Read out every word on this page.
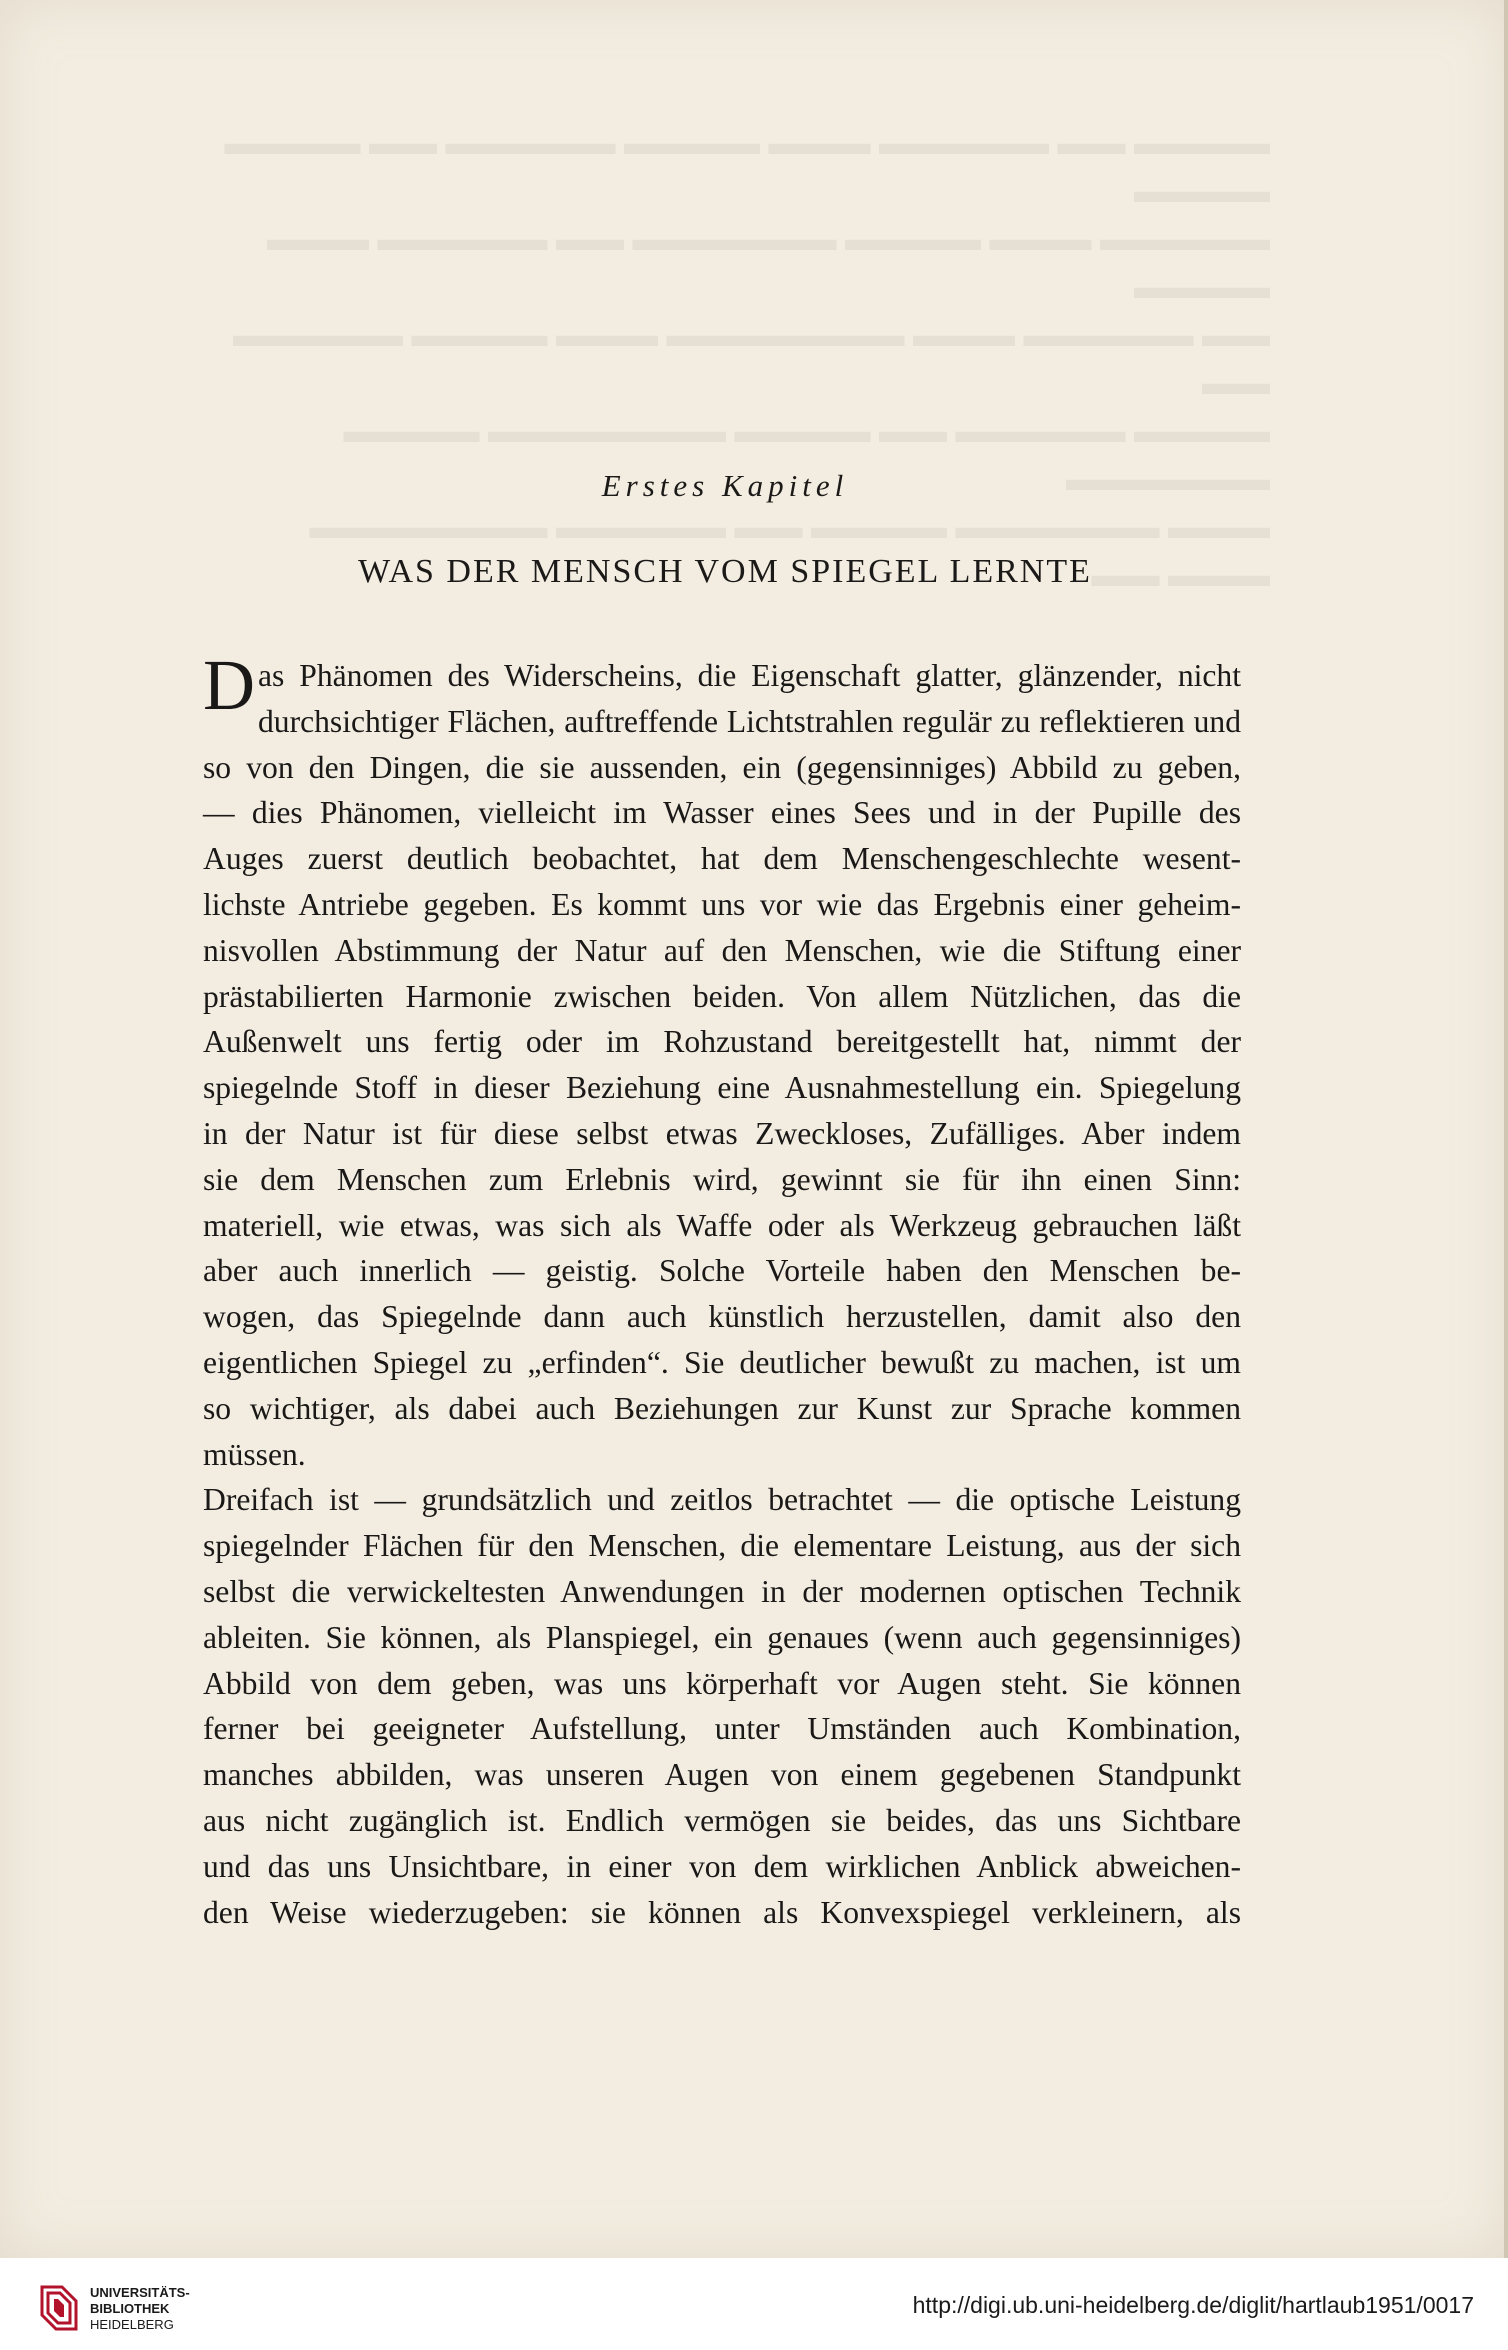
▬▬▬▬ ▬▬ ▬▬▬▬▬ ▬▬▬ ▬▬▬▬ ▬▬▬▬▬ ▬▬ ▬▬▬▬ ▬▬▬▬
▬▬▬▬▬ ▬▬▬ ▬▬▬▬ ▬▬▬▬▬▬ ▬▬ ▬▬▬▬▬ ▬▬▬ ▬▬▬▬
▬▬ ▬▬▬▬▬ ▬▬▬ ▬▬▬▬▬▬▬ ▬▬▬ ▬▬▬▬ ▬▬▬▬▬ ▬▬
▬▬▬▬ ▬▬▬▬▬ ▬▬ ▬▬▬▬ ▬▬▬▬▬▬▬ ▬▬▬▬ ▬▬▬▬▬▬
▬▬▬ ▬▬▬▬▬▬ ▬▬▬▬ ▬▬ ▬▬▬▬▬ ▬▬▬▬▬▬▬ ▬▬▬ ▬▬
Erstes Kapitel
WAS DER MENSCH VOM SPIEGEL LERNTE
Das Phänomen des Widerscheins, die Eigenschaft glatter, glänzender, nicht
durchsichtiger Flächen, auftreffende Lichtstrahlen regulär zu reflektieren und
so von den Dingen, die sie aussenden, ein (gegensinniges) Abbild zu geben,
— dies Phänomen, vielleicht im Wasser eines Sees und in der Pupille des
Auges zuerst deutlich beobachtet, hat dem Menschengeschlechte wesent-
lichste Antriebe gegeben. Es kommt uns vor wie das Ergebnis einer geheim-
nisvollen Abstimmung der Natur auf den Menschen, wie die Stiftung einer
prästabilierten Harmonie zwischen beiden. Von allem Nützlichen, das die
Außenwelt uns fertig oder im Rohzustand bereitgestellt hat, nimmt der
spiegelnde Stoff in dieser Beziehung eine Ausnahmestellung ein. Spiegelung
in der Natur ist für diese selbst etwas Zweckloses, Zufälliges. Aber indem
sie dem Menschen zum Erlebnis wird, gewinnt sie für ihn einen Sinn:
materiell, wie etwas, was sich als Waffe oder als Werkzeug gebrauchen läßt
aber auch innerlich — geistig. Solche Vorteile haben den Menschen be-
wogen, das Spiegelnde dann auch künstlich herzustellen, damit also den
eigentlichen Spiegel zu „erfinden“. Sie deutlicher bewußt zu machen, ist um
so wichtiger, als dabei auch Beziehungen zur Kunst zur Sprache kommen
müssen.
Dreifach ist — grundsätzlich und zeitlos betrachtet — die optische Leistung
spiegelnder Flächen für den Menschen, die elementare Leistung, aus der sich
selbst die verwickeltesten Anwendungen in der modernen optischen Technik
ableiten. Sie können, als Planspiegel, ein genaues (wenn auch gegensinniges)
Abbild von dem geben, was uns körperhaft vor Augen steht. Sie können
ferner bei geeigneter Aufstellung, unter Umständen auch Kombination,
manches abbilden, was unseren Augen von einem gegebenen Standpunkt
aus nicht zugänglich ist. Endlich vermögen sie beides, das uns Sichtbare
und das uns Unsichtbare, in einer von dem wirklichen Anblick abweichen-
den Weise wiederzugeben: sie können als Konvexspiegel verkleinern, als
UNIVERSITÄTS-
BIBLIOTHEK
HEIDELBERG
http://digi.ub.uni-heidelberg.de/diglit/hartlaub1951/0017
